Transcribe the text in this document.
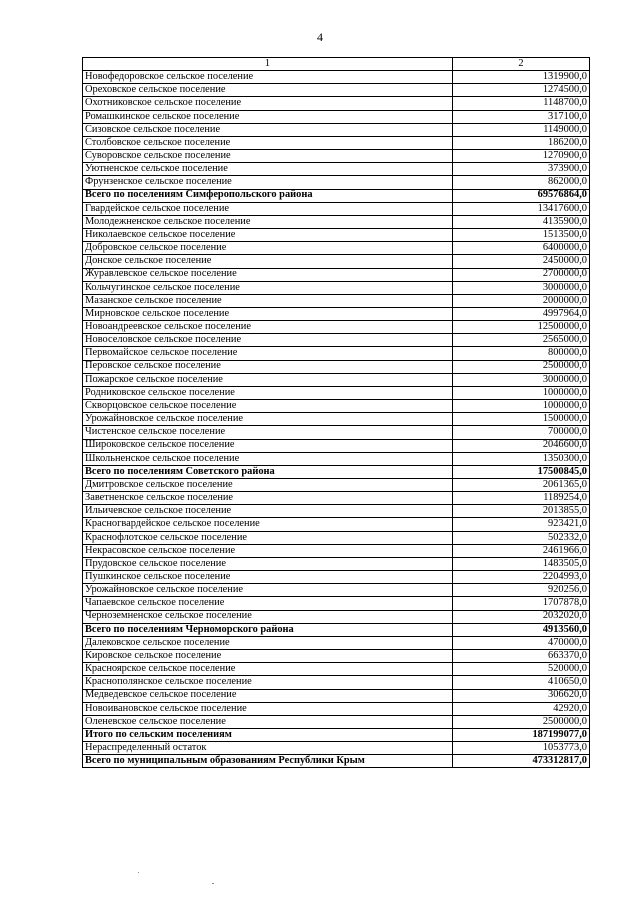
4
1	2
Новофедоровское сельское поселение	1319900,0
Ореховское сельское поселение	1274500,0
Охотниковское сельское поселение	1148700,0
Ромашкинское сельское поселение	317100,0
Сизовское сельское поселение	1149000,0
Столбовское сельское поселение	186200,0
Суворовское сельское поселение	1270900,0
Уютненское сельское поселение	373900,0
Фрунзенское сельское поселение	862000,0
Всего по поселениям Симферопольского района	69576864,0
Гвардейское сельское поселение	13417600,0
Молодежненское сельское поселение	4135900,0
Николаевское сельское поселение	1513500,0
Добровское сельское поселение	6400000,0
Донское сельское поселение	2450000,0
Журавлевское сельское поселение	2700000,0
Кольчугинское сельское поселение	3000000,0
Мазанское сельское поселение	2000000,0
Мирновское сельское поселение	4997964,0
Новоандреевское сельское поселение	12500000,0
Новоселовское сельское поселение	2565000,0
Первомайское сельское поселение	800000,0
Перовское сельское поселение	2500000,0
Пожарское сельское поселение	3000000,0
Родниковское сельское поселение	1000000,0
Скворцовское сельское поселение	1000000,0
Урожайновское сельское поселение	1500000,0
Чистенское сельское поселение	700000,0
Широковское сельское поселение	2046600,0
Школьненское сельское поселение	1350300,0
Всего по поселениям Советского района	17500845,0
Дмитровское сельское поселение	2061365,0
Заветненское сельское поселение	1189254,0
Ильичевское сельское поселение	2013855,0
Красногвардейское сельское поселение	923421,0
Краснофлотское сельское поселение	502332,0
Некрасовское сельское поселение	2461966,0
Прудовское сельское поселение	1483505,0
Пушкинское сельское поселение	2204993,0
Урожайновское сельское поселение	920256,0
Чапаевское сельское поселение	1707878,0
Черноземненское сельское поселение	2032020,0
Всего по поселениям Черноморского района	4913560,0
Далековское сельское поселение	470000,0
Кировское сельское поселение	663370,0
Красноярское сельское поселение	520000,0
Краснополянское сельское поселение	410650,0
Медведевское сельское поселение	306620,0
Новоивановское сельское поселение	42920,0
Оленевское сельское поселение	2500000,0
Итого по сельским поселениям	187199077,0
Нераспределенный остаток	1053773,0
Всего по муниципальным образованиям Республики Крым	473312817,0
